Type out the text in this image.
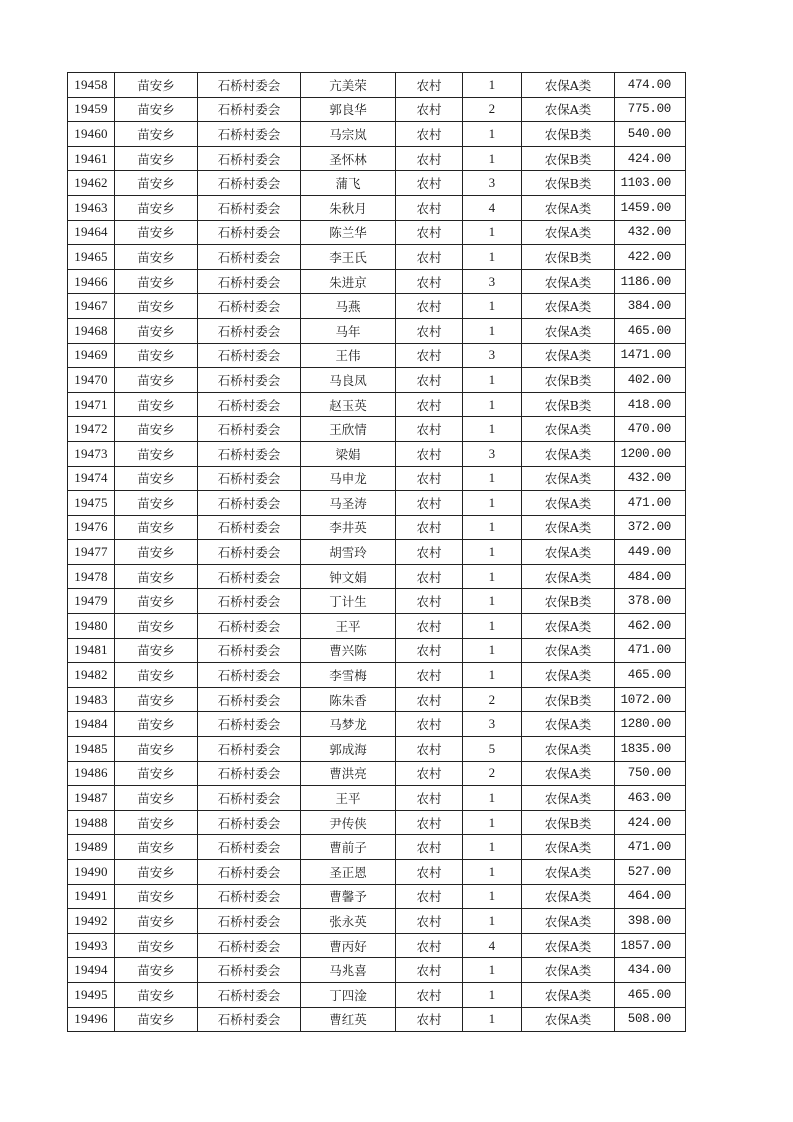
19458	苗安乡	石桥村委会	亢美荣	农村	1	农保A类	474.00
19459	苗安乡	石桥村委会	郭良华	农村	2	农保A类	775.00
19460	苗安乡	石桥村委会	马宗岚	农村	1	农保B类	540.00
19461	苗安乡	石桥村委会	圣怀林	农村	1	农保B类	424.00
19462	苗安乡	石桥村委会	蒲飞	农村	3	农保B类	1103.00
19463	苗安乡	石桥村委会	朱秋月	农村	4	农保A类	1459.00
19464	苗安乡	石桥村委会	陈兰华	农村	1	农保A类	432.00
19465	苗安乡	石桥村委会	李王氏	农村	1	农保B类	422.00
19466	苗安乡	石桥村委会	朱进京	农村	3	农保A类	1186.00
19467	苗安乡	石桥村委会	马燕	农村	1	农保A类	384.00
19468	苗安乡	石桥村委会	马年	农村	1	农保A类	465.00
19469	苗安乡	石桥村委会	王伟	农村	3	农保A类	1471.00
19470	苗安乡	石桥村委会	马良凤	农村	1	农保B类	402.00
19471	苗安乡	石桥村委会	赵玉英	农村	1	农保B类	418.00
19472	苗安乡	石桥村委会	王欣情	农村	1	农保A类	470.00
19473	苗安乡	石桥村委会	梁娟	农村	3	农保A类	1200.00
19474	苗安乡	石桥村委会	马申龙	农村	1	农保A类	432.00
19475	苗安乡	石桥村委会	马圣涛	农村	1	农保A类	471.00
19476	苗安乡	石桥村委会	李井英	农村	1	农保A类	372.00
19477	苗安乡	石桥村委会	胡雪玲	农村	1	农保A类	449.00
19478	苗安乡	石桥村委会	钟文娟	农村	1	农保A类	484.00
19479	苗安乡	石桥村委会	丁计生	农村	1	农保B类	378.00
19480	苗安乡	石桥村委会	王平	农村	1	农保A类	462.00
19481	苗安乡	石桥村委会	曹兴陈	农村	1	农保A类	471.00
19482	苗安乡	石桥村委会	李雪梅	农村	1	农保A类	465.00
19483	苗安乡	石桥村委会	陈朱香	农村	2	农保B类	1072.00
19484	苗安乡	石桥村委会	马梦龙	农村	3	农保A类	1280.00
19485	苗安乡	石桥村委会	郭成海	农村	5	农保A类	1835.00
19486	苗安乡	石桥村委会	曹洪亮	农村	2	农保A类	750.00
19487	苗安乡	石桥村委会	王平	农村	1	农保A类	463.00
19488	苗安乡	石桥村委会	尹传侠	农村	1	农保B类	424.00
19489	苗安乡	石桥村委会	曹前子	农村	1	农保A类	471.00
19490	苗安乡	石桥村委会	圣正恩	农村	1	农保A类	527.00
19491	苗安乡	石桥村委会	曹馨予	农村	1	农保A类	464.00
19492	苗安乡	石桥村委会	张永英	农村	1	农保A类	398.00
19493	苗安乡	石桥村委会	曹丙好	农村	4	农保A类	1857.00
19494	苗安乡	石桥村委会	马兆喜	农村	1	农保A类	434.00
19495	苗安乡	石桥村委会	丁四淦	农村	1	农保A类	465.00
19496	苗安乡	石桥村委会	曹红英	农村	1	农保A类	508.00
